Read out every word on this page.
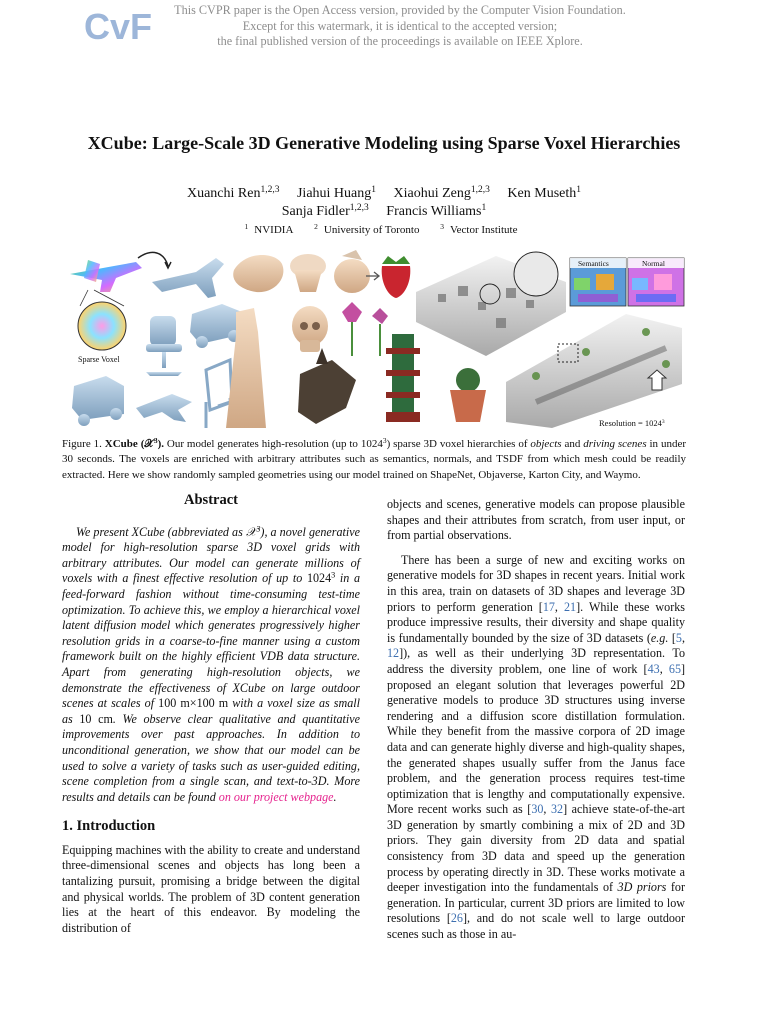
CvF	This CVPR paper is the Open Access version, provided by the Computer Vision Foundation.
Except for this watermark, it is identical to the accepted version;
the final published version of the proceedings is available on IEEE Xplore.
XCube: Large-Scale 3D Generative Modeling using Sparse Voxel Hierarchies
Xuanchi Ren$^{1,2,3}$ Jiahui Huang$^1$ Xiaohui Zeng$^{1,2,3}$ Ken Museth$^1$
Sanja Fidler$^{1,2,3}$ Francis Williams$^1$
$^1$ NVIDIA	$^2$ University of Toronto	$^3$ Vector Institute
Sparse Voxel
Semantics	Normal
Resolution = $1024^3$
Figure 1. XCube (𝒳$^3$). Our model generates high-resolution (up to 1024$^3$) sparse 3D voxel hierarchies of objects and driving scenes in under 30 seconds. The voxels are enriched with arbitrary attributes such as semantics, normals, and TSDF from which mesh could be readily extracted. Here we show randomly sampled geometries using our model trained on ShapeNet, Objaverse, Karton City, and Waymo.
Abstract

We present XCube (abbreviated as 𝒳$^3$), a novel generative model for high-resolution sparse 3D voxel grids with arbitrary attributes. Our model can generate millions of voxels with a finest effective resolution of up to 1024$^3$ in a feed-forward fashion without time-consuming test-time optimization. To achieve this, we employ a hierarchical voxel latent diffusion model which generates progressively higher resolution grids in a coarse-to-fine manner using a custom framework built on the highly efficient VDB data structure. Apart from generating high-resolution objects, we demonstrate the effectiveness of XCube on large outdoor scenes at scales of 100 m×100 m with a voxel size as small as 10 cm. We observe clear qualitative and quantitative improvements over past approaches. In addition to unconditional generation, we show that our model can be used to solve a variety of tasks such as user-guided editing, scene completion from a single scan, and text-to-3D. More results and details can be found on our project webpage.

1. Introduction

Equipping machines with the ability to create and understand three-dimensional scenes and objects has long been a tantalizing pursuit, promising a bridge between the digital and physical worlds. The problem of 3D content generation lies at the heart of this endeavor. By modeling the distribution of

objects and scenes, generative models can propose plausible shapes and their attributes from scratch, from user input, or from partial observations.

There has been a surge of new and exciting works on generative models for 3D shapes in recent years. Initial work in this area, train on datasets of 3D shapes and leverage 3D priors to perform generation [17, 21]. While these works produce impressive results, their diversity and shape quality is fundamentally bounded by the size of 3D datasets (e.g. [5, 12]), as well as their underlying 3D representation. To address the diversity problem, one line of work [43, 65] proposed an elegant solution that leverages powerful 2D generative models to produce 3D structures using inverse rendering and a diffusion score distillation formulation. While they benefit from the massive corpora of 2D image data and can generate highly diverse and high-quality shapes, the generated shapes usually suffer from the Janus face problem, and the generation process requires test-time optimization that is lengthy and computationally expensive. More recent works such as [30, 32] achieve state-of-the-art 3D generation by smartly combining a mix of 2D and 3D priors. They gain diversity from 2D data and spatial consistency from 3D data and speed up the generation process by operating directly in 3D. These works motivate a deeper investigation into the fundamentals of 3D priors for generation. In particular, current 3D priors are limited to low resolutions [26], and do not scale well to large outdoor scenes such as those in au-
